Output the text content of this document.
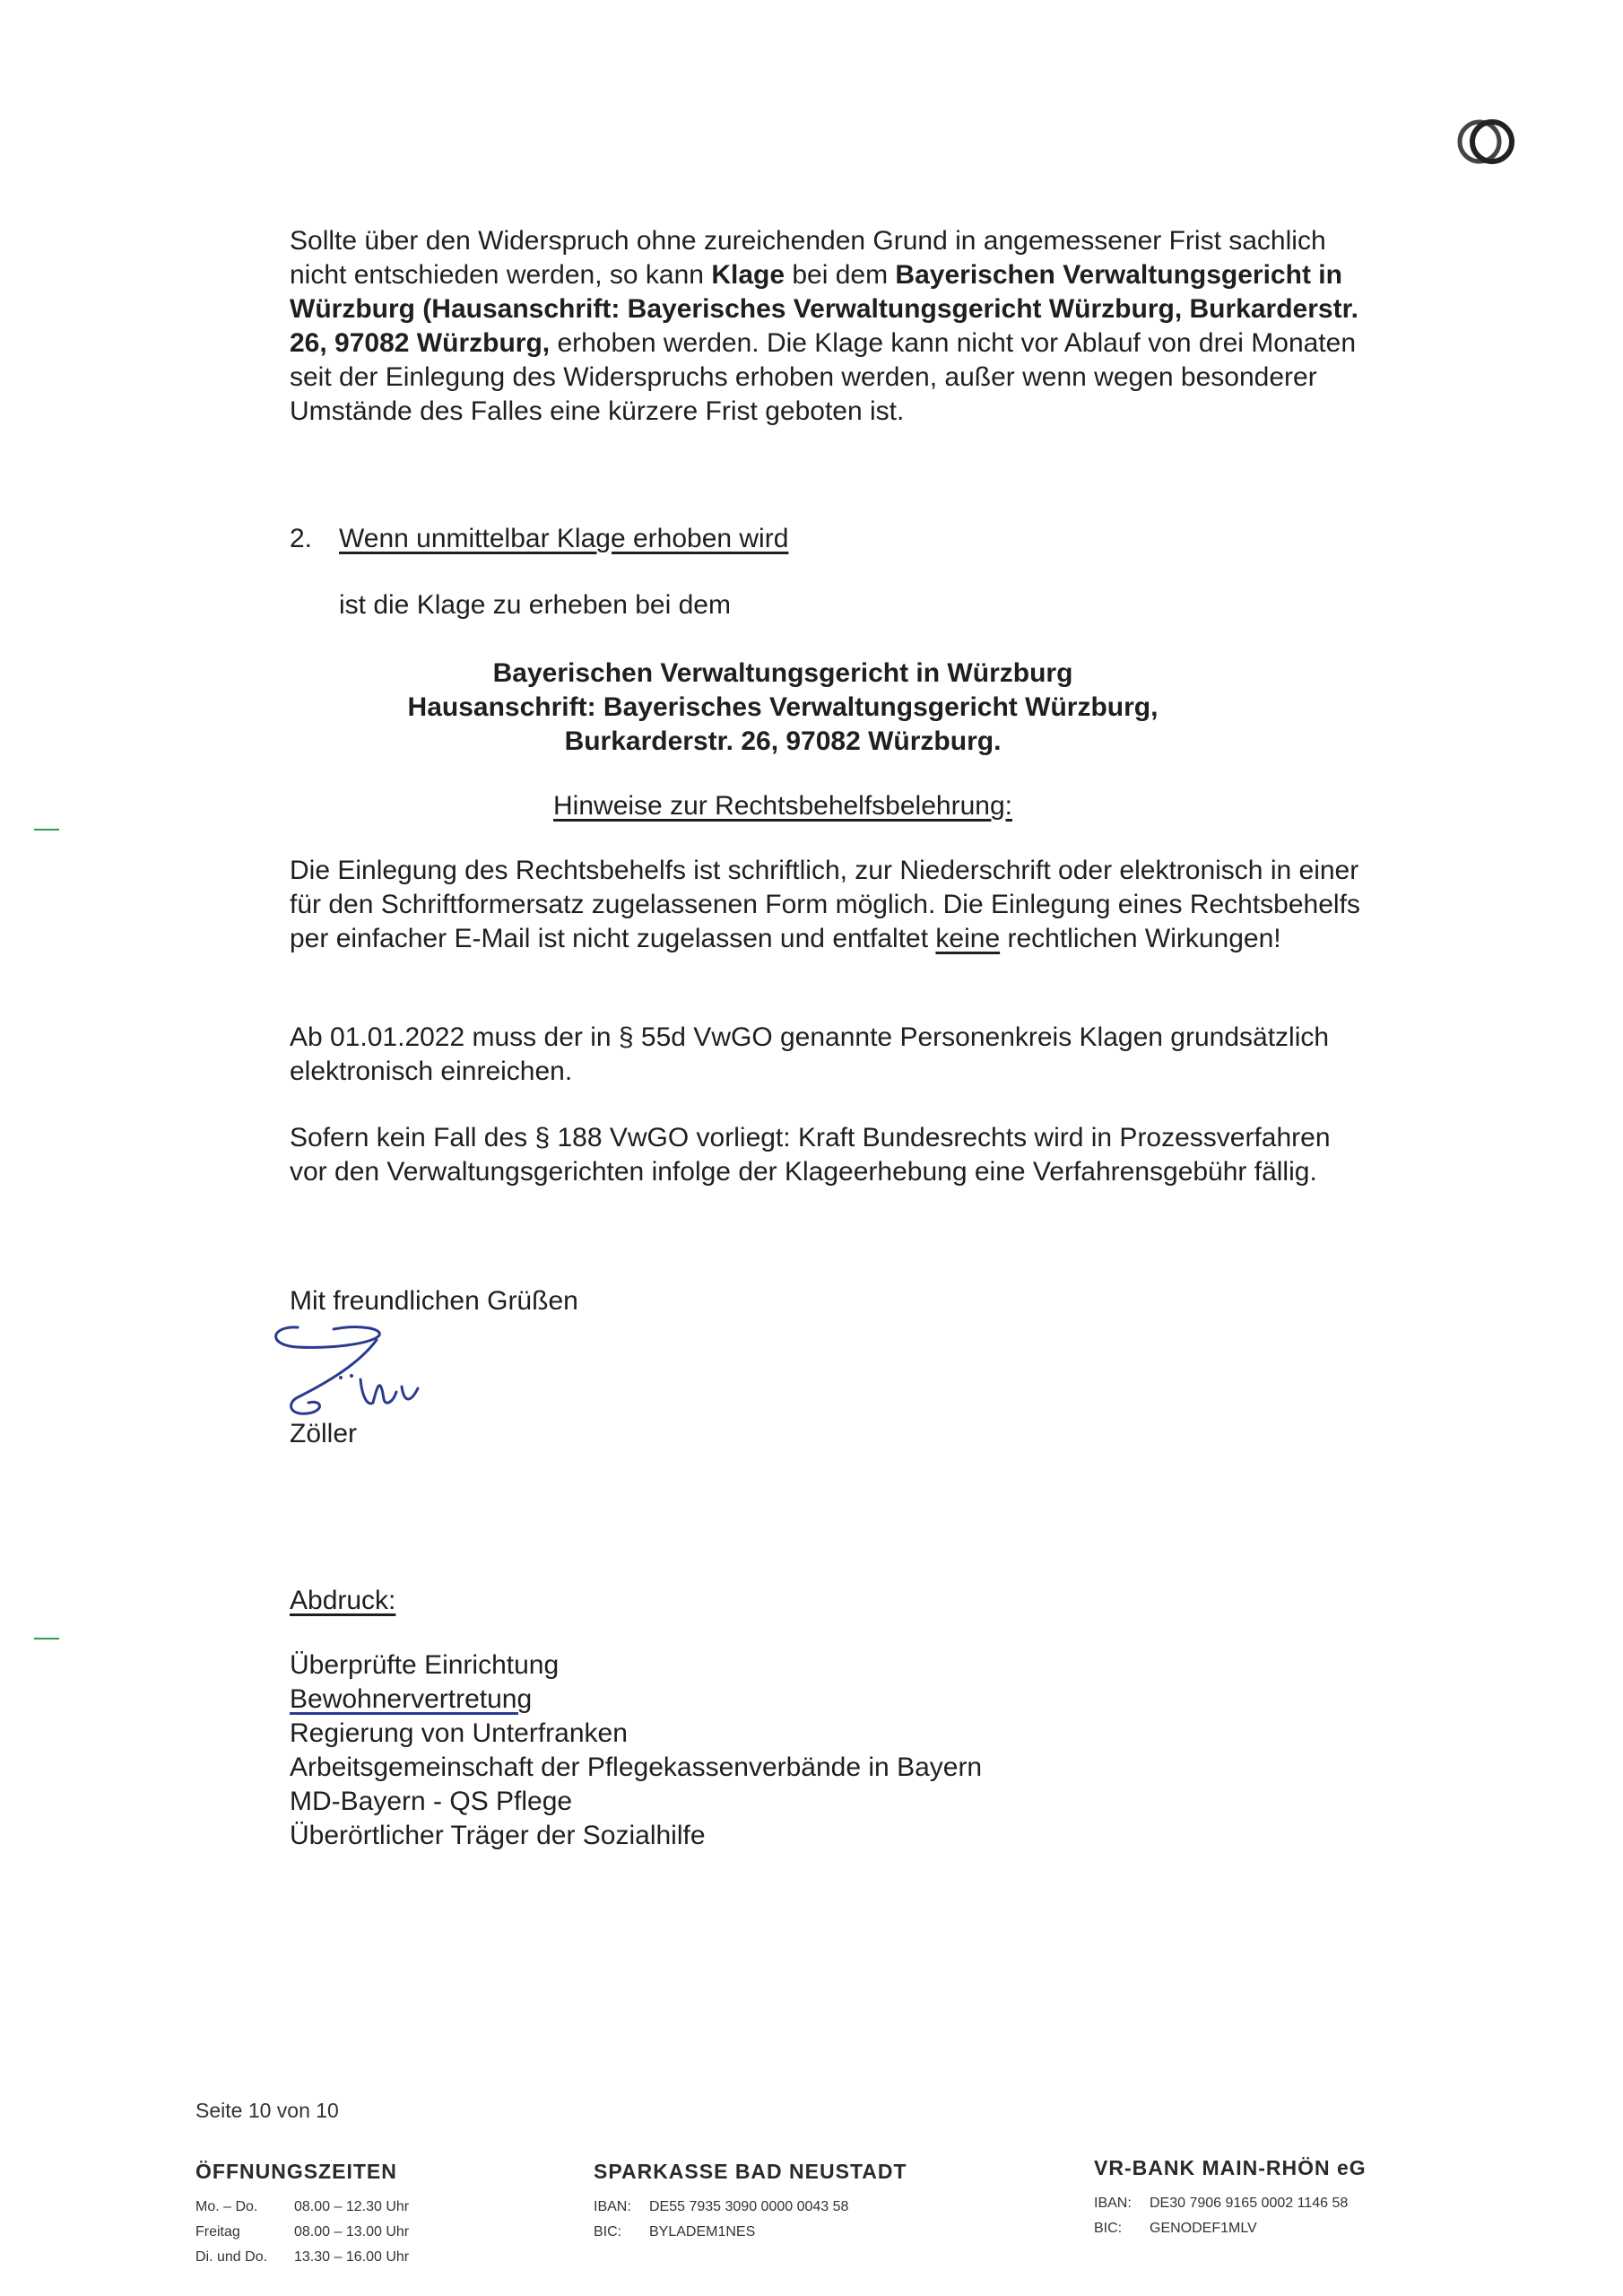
Sollte über den Widerspruch ohne zureichenden Grund in angemessener Frist sachlich nicht entschieden werden, so kann Klage bei dem Bayerischen Verwaltungsgericht in Würzburg (Hausanschrift: Bayerisches Verwaltungsgericht Würzburg, Burkarderstr. 26, 97082 Würzburg, erhoben werden. Die Klage kann nicht vor Ablauf von drei Monaten seit der Einlegung des Widerspruchs erhoben werden, außer wenn wegen besonderer Umstände des Falles eine kürzere Frist geboten ist.
2. Wenn unmittelbar Klage erhoben wird
ist die Klage zu erheben bei dem
Bayerischen Verwaltungsgericht in Würzburg
Hausanschrift: Bayerisches Verwaltungsgericht Würzburg,
Burkarderstr. 26, 97082 Würzburg.
Hinweise zur Rechtsbehelfsbelehrung:
Die Einlegung des Rechtsbehelfs ist schriftlich, zur Niederschrift oder elektronisch in einer für den Schriftformersatz zugelassenen Form möglich. Die Einlegung eines Rechtsbehelfs per einfacher E-Mail ist nicht zugelassen und entfaltet keine rechtlichen Wirkungen!
Ab 01.01.2022 muss der in § 55d VwGO genannte Personenkreis Klagen grundsätzlich elektronisch einreichen.
Sofern kein Fall des § 188 VwGO vorliegt: Kraft Bundesrechts wird in Prozessverfahren vor den Verwaltungsgerichten infolge der Klageerhebung eine Verfahrensgebühr fällig.
Mit freundlichen Grüßen
Zöller
Abdruck:
Überprüfte Einrichtung
Bewohnervertretung
Regierung von Unterfranken
Arbeitsgemeinschaft der Pflegekassenverbände in Bayern
MD-Bayern - QS Pflege
Überörtlicher Träger der Sozialhilfe
Seite 10 von 10
ÖFFNUNGSZEITEN
Mo. – Do.	08.00 – 12.30 Uhr
Freitag	08.00 – 13.00 Uhr
Di. und Do. 13.30 – 16.00 Uhr
SPARKASSE BAD NEUSTADT
IBAN: DE55 7935 3090 0000 0043 58
BIC: BYLADEM1NES
VR-BANK MAIN-RHÖN eG
IBAN: DE30 7906 9165 0002 1146 58
BIC: GENODEF1MLV
